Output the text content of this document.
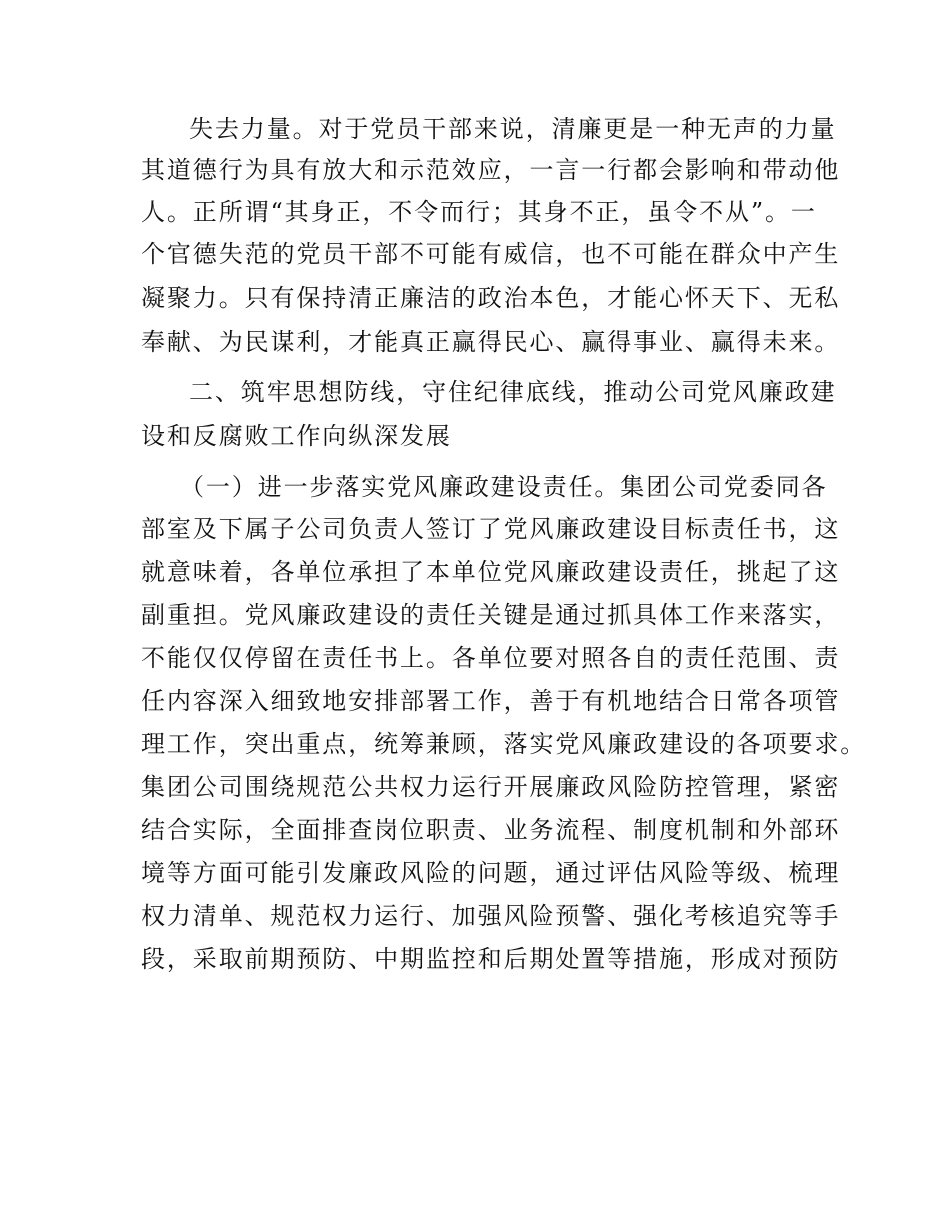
失去力量。对于党员干部来说，清廉更是一种无声的力量
其道德行为具有放大和示范效应，一言一行都会影响和带动他
人。正所谓“其身正，不令而行；其身不正，虽令不从”。一
个官德失范的党员干部不可能有威信，也不可能在群众中产生
凝聚力。只有保持清正廉洁的政治本色，才能心怀天下、无私
奉献、为民谋利，才能真正赢得民心、赢得事业、赢得未来。
二、筑牢思想防线，守住纪律底线，推动公司党风廉政建
设和反腐败工作向纵深发展
（一）进一步落实党风廉政建设责任。集团公司党委同各
部室及下属子公司负责人签订了党风廉政建设目标责任书，这
就意味着，各单位承担了本单位党风廉政建设责任，挑起了这
副重担。党风廉政建设的责任关键是通过抓具体工作来落实，
不能仅仅停留在责任书上。各单位要对照各自的责任范围、责
任内容深入细致地安排部署工作，善于有机地结合日常各项管
理工作，突出重点，统筹兼顾，落实党风廉政建设的各项要求。
集团公司围绕规范公共权力运行开展廉政风险防控管理，紧密
结合实际，全面排查岗位职责、业务流程、制度机制和外部环
境等方面可能引发廉政风险的问题，通过评估风险等级、梳理
权力清单、规范权力运行、加强风险预警、强化考核追究等手
段，采取前期预防、中期监控和后期处置等措施，形成对预防
